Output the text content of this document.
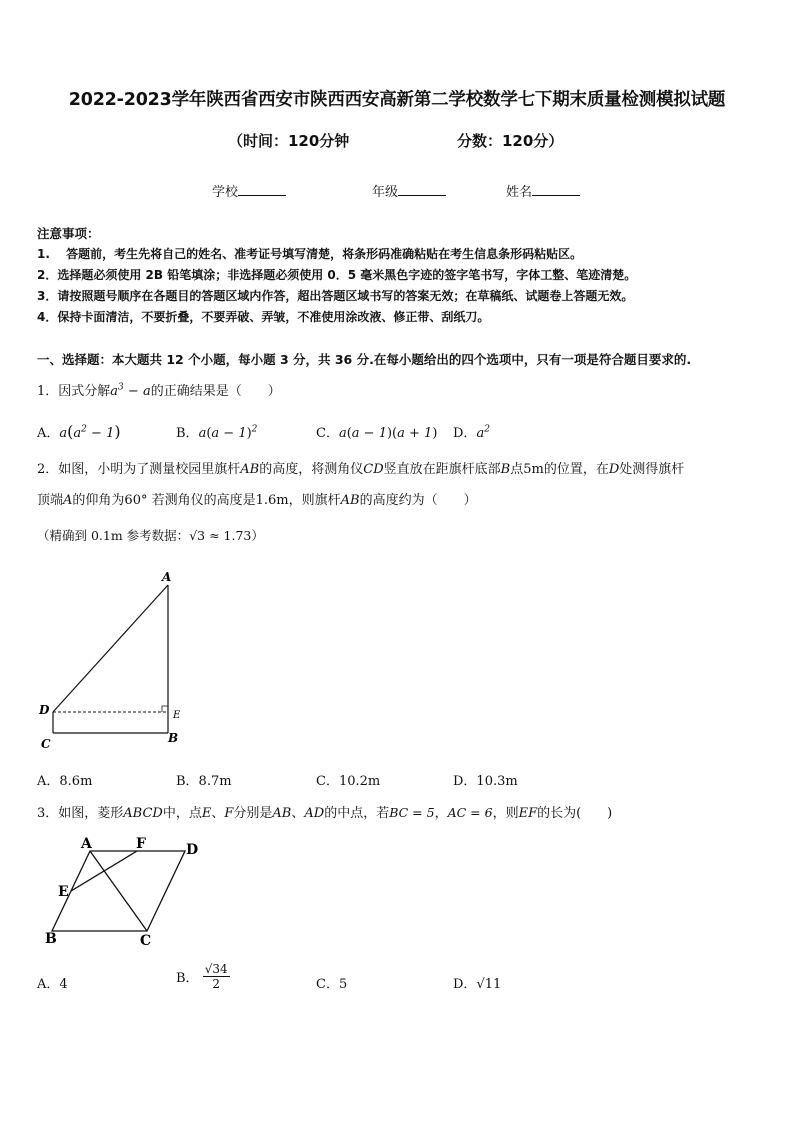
2022-2023学年陕西省西安市陕西西安高新第二学校数学七下期末质量检测模拟试题
（时间：120分钟	分数：120分）
学校	年级	姓名
注意事项：
1.　 答题前，考生先将自己的姓名、准考证号填写清楚，将条形码准确粘贴在考生信息条形码粘贴区。
2．选择题必须使用 2B 铅笔填涂；非选择题必须使用 0．5 毫米黑色字迹的签字笔书写，字体工整、笔迹清楚。
3．请按照题号顺序在各题目的答题区域内作答，超出答题区域书写的答案无效；在草稿纸、试题卷上答题无效。
4．保持卡面清洁，不要折叠，不要弄破、弄皱，不准使用涂改液、修正带、刮纸刀。
一、选择题：本大题共 12 个小题，每小题 3 分，共 36 分.在每小题给出的四个选项中，只有一项是符合题目要求的.
1．因式分解$a^3 - a$的正确结果是（　　）
A．$a(a^2 - 1)$	B．$a(a - 1)^2$	C．a(a − 1)(a + 1) D．$a^2$
2．如图，小明为了测量校园里旗杆AB的高度，将测角仪CD竖直放在距旗杆底部B点5m的位置，在D处测得旗杆
顶端A的仰角为60° 若测角仪的高度是1.6m，则旗杆AB的高度约为（　　）
（精确到 0.1m 参考数据：√3 ≈ 1.73）
A
D	E
C	B
A．8.6m	B．8.7m	C．10.2m	D．10.3m
3．如图，菱形ABCD中，点E、F分别是AB、AD的中点，若BC = 5，AC = 6，则EF的长为(　　)
A	F	D
E
B	C
A．4	B． $\frac{√34}{2}$	C．5	D．√11
